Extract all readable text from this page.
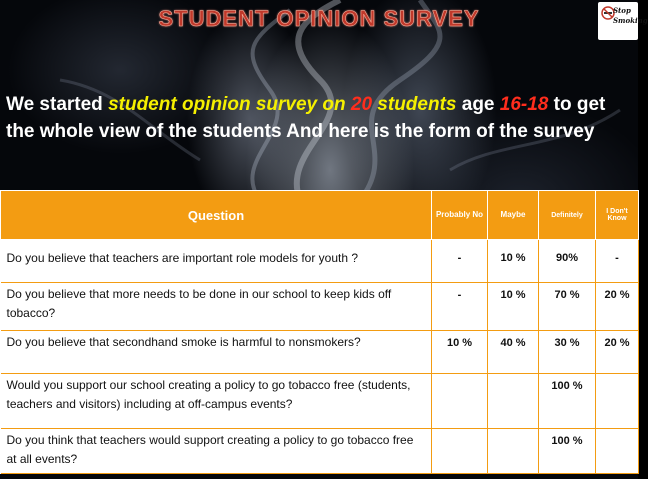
STUDENT OPINION SURVEY	Stop
Smoking
We started student opinion survey on 20 students age 16-18 to get the whole view of the students And here is the form of the survey
Question	Probably No	Maybe	Definitely	I Don't Know
Do you believe that teachers are important role models for youth ?	-	10 %	90%	-
Do you believe that more needs to be done in our school to keep kids off tobacco?	-	10 %	70 %	20 %
Do you believe that secondhand smoke is harmful to nonsmokers?	10 %	40 %	30 %	20 %
Would you support our school creating a policy to go tobacco free (students, teachers and visitors) including at off-campus events?			100 %	
Do you think that teachers would support creating a policy to go tobacco free at all events?			100 %	
